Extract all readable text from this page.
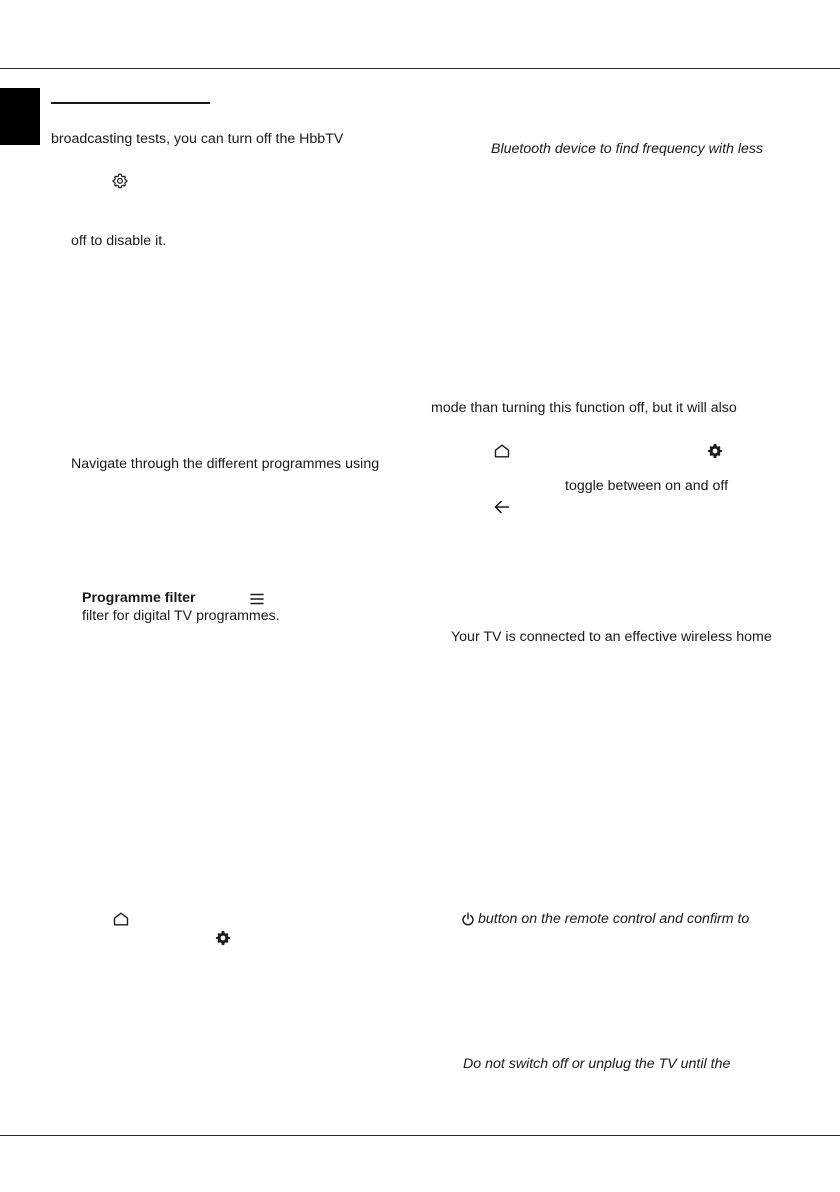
broadcasting tests, you can turn off the HbbTV
off to disable it.
Navigate through the different programmes using
Programme filter
filter for digital TV programmes.
Bluetooth device to find frequency with less
mode than turning this function off, but it will also
toggle between on and off
Your TV is connected to an effective wireless home
button on the remote control and confirm to
Do not switch off or unplug the TV until the
